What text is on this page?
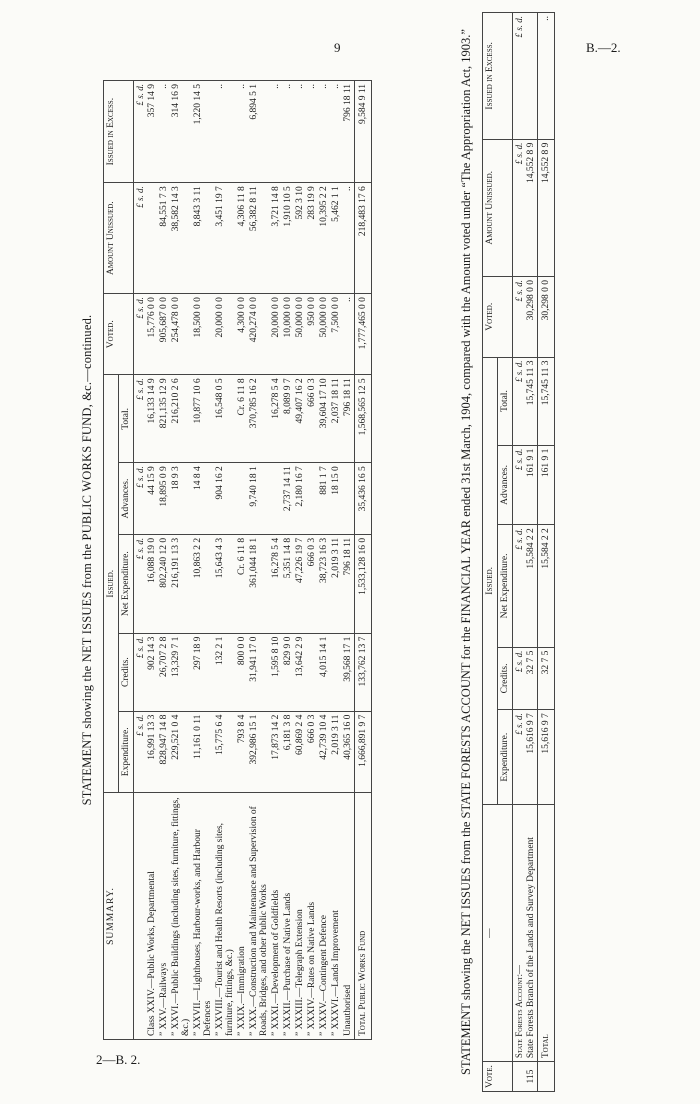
9	B.—2.
2—B. 2.
STATEMENT showing the NET ISSUES from the PUBLIC WORKS FUND, &c.—continued.
SUMMARY.	Issued.					Voted.	Amount Unissued.	Issued in Excess.
	Expenditure.	Credits.	Net Expenditure.	Advances.	Total.			
	£ s. d.	£ s. d.	£ s. d.	£ s. d.	£ s. d.	£ s. d.	£ s. d.	£ s. d.
Class XXIV.—Public Works, Departmental	16,991 13 3	902 14 3	16,088 19 0	44 15 9	16,133 14 9	15,776 0 0		357 14 9
” XXV.—Railways	828,947 14 8	26,707 2 8	802,240 12 0	18,895 0 9	821,135 12 9	905,687 0 0	84,551 7 3	..
” XXVI.—Public Buildings (including sites, furniture, fittings, &c.)	229,521 0 4	13,329 7 1	216,191 13 3	18 9 3	216,210 2 6	254,478 0 0	38,582 14 3	314 16 9
” XXVII.—Lighthouses, Harbour-works, and Harbour Defences	11,161 0 11	297 18 9	10,863 2 2	14 8 4	10,877 10 6	18,500 0 0	8,843 3 11	1,220 14 5
” XXVIII.—Tourist and Health Resorts (including sites, furniture, fittings, &c.)	15,775 6 4	132 2 1	15,643 4 3	904 16 2	16,548 0 5	20,000 0 0	3,451 19 7	..
” XXIX.—Immigration	793 8 4	800 0 0	Cr. 6 11 8		Cr. 6 11 8	4,300 0 0	4,306 11 8	..
” XXX.—Construction and Maintenance and Supervision of Roads, Bridges, and other Public Works	392,986 15 1	31,941 17 0	361,044 18 1	9,740 18 1	370,785 16 2	420,274 0 0	56,382 8 11	6,894 5 1
” XXXI.—Development of Goldfields	17,873 14 2	1,595 8 10	16,278 5 4		16,278 5 4	20,000 0 0	3,721 14 8	..
” XXXII.—Purchase of Native Lands	6,181 3 8	829 9 0	5,351 14 8	2,737 14 11	8,089 9 7	10,000 0 0	1,910 10 5	..
” XXXIII.—Telegraph Extension	60,869 2 4	13,642 2 9	47,226 19 7	2,180 16 7	49,407 16 2	50,000 0 0	592 3 10	..
” XXXIV.—Rates on Native Lands	666 0 3		666 0 3		666 0 3	950 0 0	283 19 9	..
” XXXV.—Contingent Defence	42,739 10 4	4,015 14 1	38,723 16 3	881 1 7	39,604 17 10	50,000 0 0	10,395 2 2	..
” XXXVI.—Lands Improvement	2,019 3 11		2,019 3 11	18 15 0	2,037 18 11	7,500 0 0	5,462 1 1	..
Unauthorised	40,365 16 0	39,568 17 1	796 18 11		796 18 11	..	..	796 18 11
Total Public Works Fund	1,666,891 9 7	133,762 13 7	1,533,128 16 0	35,436 16 5	1,568,565 12 5	1,777,465 0 0	218,483 17 6	9,584 9 11	STATEMENT showing the NET ISSUES from the STATE FORESTS ACCOUNT for the FINANCIAL YEAR ended 31st March, 1904, compared with the Amount voted under “The Appropriation Act, 1903.”
Vote.	—	Issued.					Voted.	Amount Unissued.	Issued in Excess.
		Expenditure.	Credits.	Net Expenditure.	Advances.	Total.			
	State Forests Account:—	£ s. d.	£ s. d.	£ s. d.	£ s. d.	£ s. d.	£ s. d.	£ s. d.	£ s. d.
115	State Forests Branch of the Lands and Survey Department	15,616 9 7	32 7 5	15,584 2 2	161 9 1	15,745 11 3	30,298 0 0	14,552 8 9	
	Total	15,616 9 7	32 7 5	15,584 2 2	161 9 1	15,745 11 3	30,298 0 0	14,552 8 9	..
